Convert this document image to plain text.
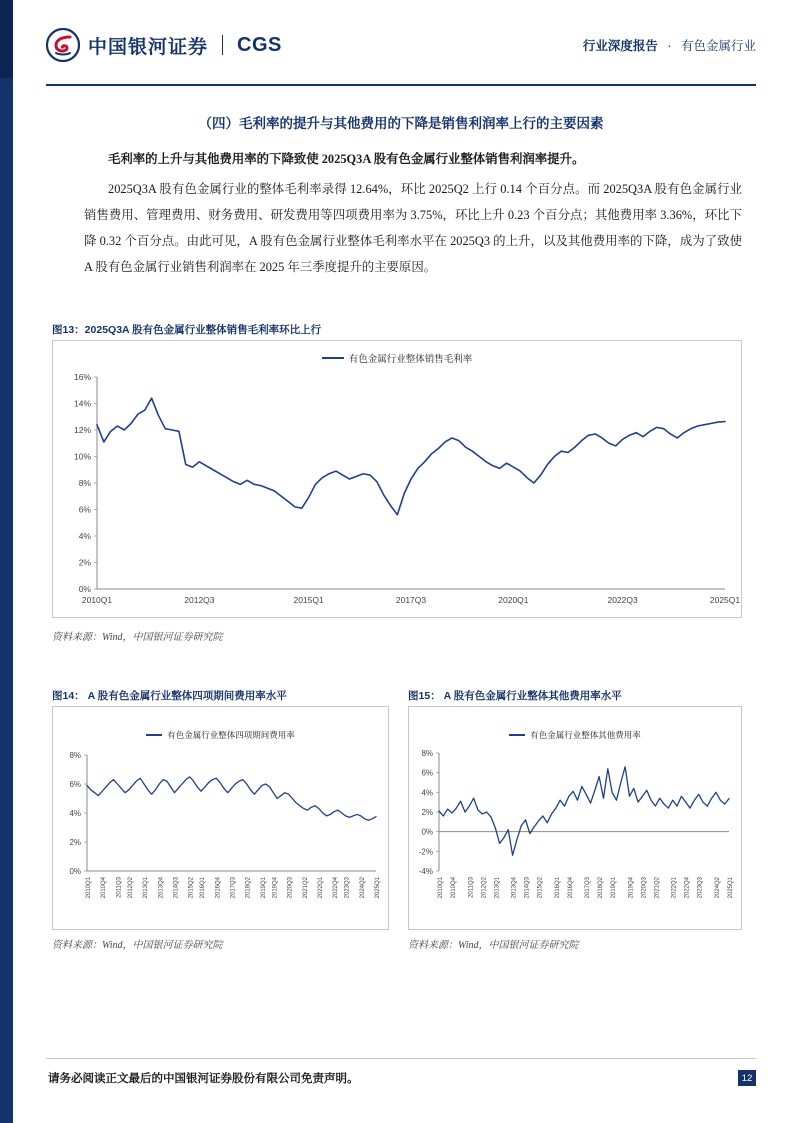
中国银河证券 CGS	行业深度报告 · 有色金属行业
（四）毛利率的提升与其他费用的下降是销售利润率上行的主要因素
毛利率的上升与其他费用率的下降致使 2025Q3A 股有色金属行业整体销售利润率提升。
2025Q3A 股有色金属行业的整体毛利率录得 12.64%，环比 2025Q2 上行 0.14 个百分点。而 2025Q3A 股有色金属行业销售费用、管理费用、财务费用、研发费用等四项费用率为 3.75%，环比上升 0.23 个百分点；其他费用率 3.36%，环比下降 0.32 个百分点。由此可见，A 股有色金属行业整体毛利率水平在 2025Q3 的上升，以及其他费用率的下降，成为了致使 A 股有色金属行业销售利润率在 2025 年三季度提升的主要原因。
图13：2025Q3A 股有色金属行业整体销售毛利率环比上行
有色金属行业整体销售毛利率
0%
2%
4%
6%
8%
10%
12%
14%
16%
2010Q1	2012Q3	2015Q1	2017Q3	2020Q1	2022Q3	2025Q1
资料来源：Wind，中国银河证券研究院
图14： A 股有色金属行业整体四项期间费用率水平
有色金属行业整体四项期间费用率
0%
2%
4%
6%
8%
2010Q1 2010Q4 2011Q3 2012Q2 2013Q1 2013Q4 2014Q3 2015Q2 2016Q1 2016Q4 2017Q3 2018Q2 2019Q1 2019Q4 2020Q3 2021Q2 2022Q1 2022Q4 2023Q3 2024Q2 2025Q1
资料来源：Wind，中国银河证券研究院
图15： A 股有色金属行业整体其他费用率水平
有色金属行业整体其他费用率
-4%
-2%
0%
2%
4%
6%
8%
2010Q1 2010Q4 2011Q3 2012Q2 2013Q1 2013Q4 2014Q3 2015Q2 2016Q1 2016Q4 2017Q3 2018Q2 2019Q1 2019Q4 2020Q3 2021Q2 2022Q1 2022Q4 2023Q3 2024Q2 2025Q1
资料来源：Wind，中国银河证券研究院
请务必阅读正文最后的中国银河证券股份有限公司免责声明。	12
